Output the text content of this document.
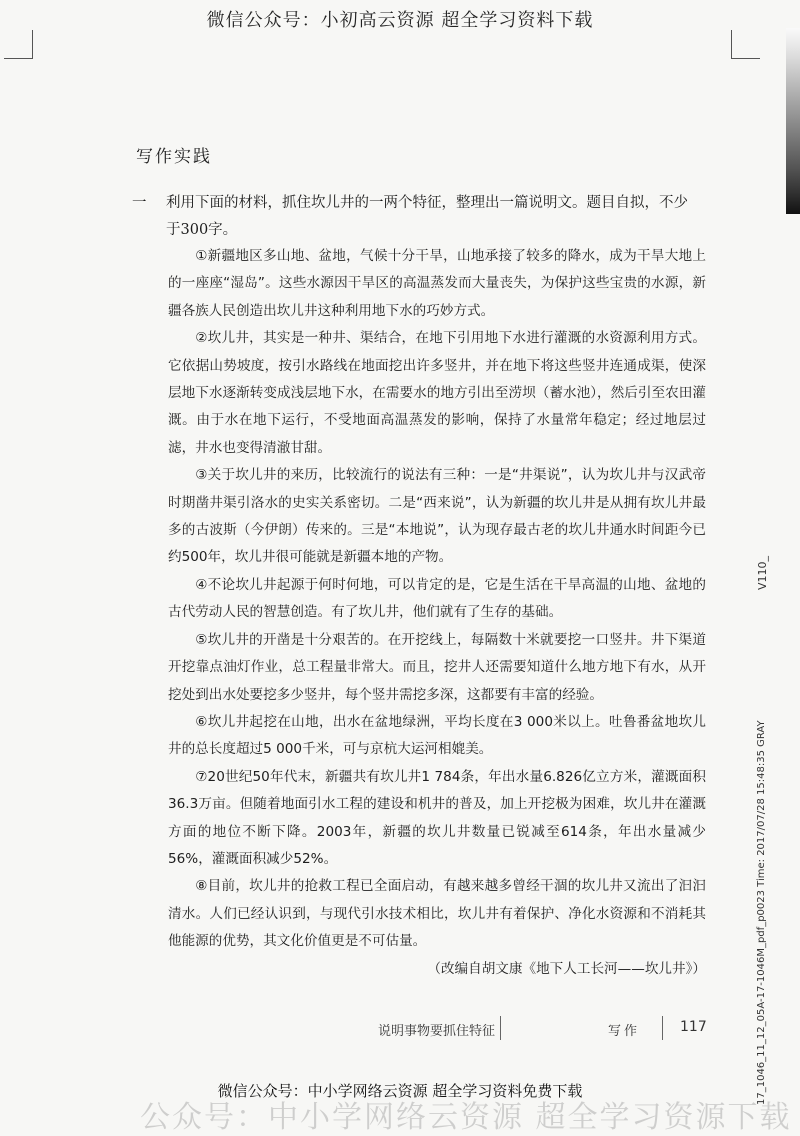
微信公众号：小初高云资源 超全学习资料下载
写作实践
一 利用下面的材料，抓住坎儿井的一两个特征，整理出一篇说明文。题目自拟，不少于300字。

①新疆地区多山地、盆地，气候十分干旱，山地承接了较多的降水，成为干旱大地上的一座座“湿岛”。这些水源因干旱区的高温蒸发而大量丧失，为保护这些宝贵的水源，新疆各族人民创造出坎儿井这种利用地下水的巧妙方式。

②坎儿井，其实是一种井、渠结合，在地下引用地下水进行灌溉的水资源利用方式。它依据山势坡度，按引水路线在地面挖出许多竖井，并在地下将这些竖井连通成渠，使深层地下水逐渐转变成浅层地下水，在需要水的地方引出至涝坝（蓄水池），然后引至农田灌溉。由于水在地下运行，不受地面高温蒸发的影响，保持了水量常年稳定；经过地层过滤，井水也变得清澈甘甜。

③关于坎儿井的来历，比较流行的说法有三种：一是“井渠说”，认为坎儿井与汉武帝时期凿井渠引洛水的史实关系密切。二是“西来说”，认为新疆的坎儿井是从拥有坎儿井最多的古波斯（今伊朗）传来的。三是“本地说”，认为现存最古老的坎儿井通水时间距今已约500年，坎儿井很可能就是新疆本地的产物。

④不论坎儿井起源于何时何地，可以肯定的是，它是生活在干旱高温的山地、盆地的古代劳动人民的智慧创造。有了坎儿井，他们就有了生存的基础。

⑤坎儿井的开凿是十分艰苦的。在开挖线上，每隔数十米就要挖一口竖井。井下渠道开挖靠点油灯作业，总工程量非常大。而且，挖井人还需要知道什么地方地下有水，从开挖处到出水处要挖多少竖井，每个竖井需挖多深，这都要有丰富的经验。

⑥坎儿井起挖在山地，出水在盆地绿洲，平均长度在3 000米以上。吐鲁番盆地坎儿井的总长度超过5 000千米，可与京杭大运河相媲美。

⑦20世纪50年代末，新疆共有坎儿井1 784条，年出水量6.826亿立方米，灌溉面积36.3万亩。但随着地面引水工程的建设和机井的普及，加上开挖极为困难，坎儿井在灌溉方面的地位不断下降。2003年，新疆的坎儿井数量已锐减至614条，年出水量减少56%，灌溉面积减少52%。

⑧目前，坎儿井的抢救工程已全面启动，有越来越多曾经干涸的坎儿井又流出了汩汩清水。人们已经认识到，与现代引水技术相比，坎儿井有着保护、净化水资源和不消耗其他能源的优势，其文化价值更是不可估量。

（改编自胡文康《地下人工长河——坎儿井》）
V110_
17_1046_11_12_05A-17-1046M_pdf_p0023 Time: 2017/07/28 15:48:35 GRAY
说明事物要抓住特征	写作	117
公众号：中小学网络云资源 超全学习资源下载
微信公众号：中小学网络云资源 超全学习资料免费下载
